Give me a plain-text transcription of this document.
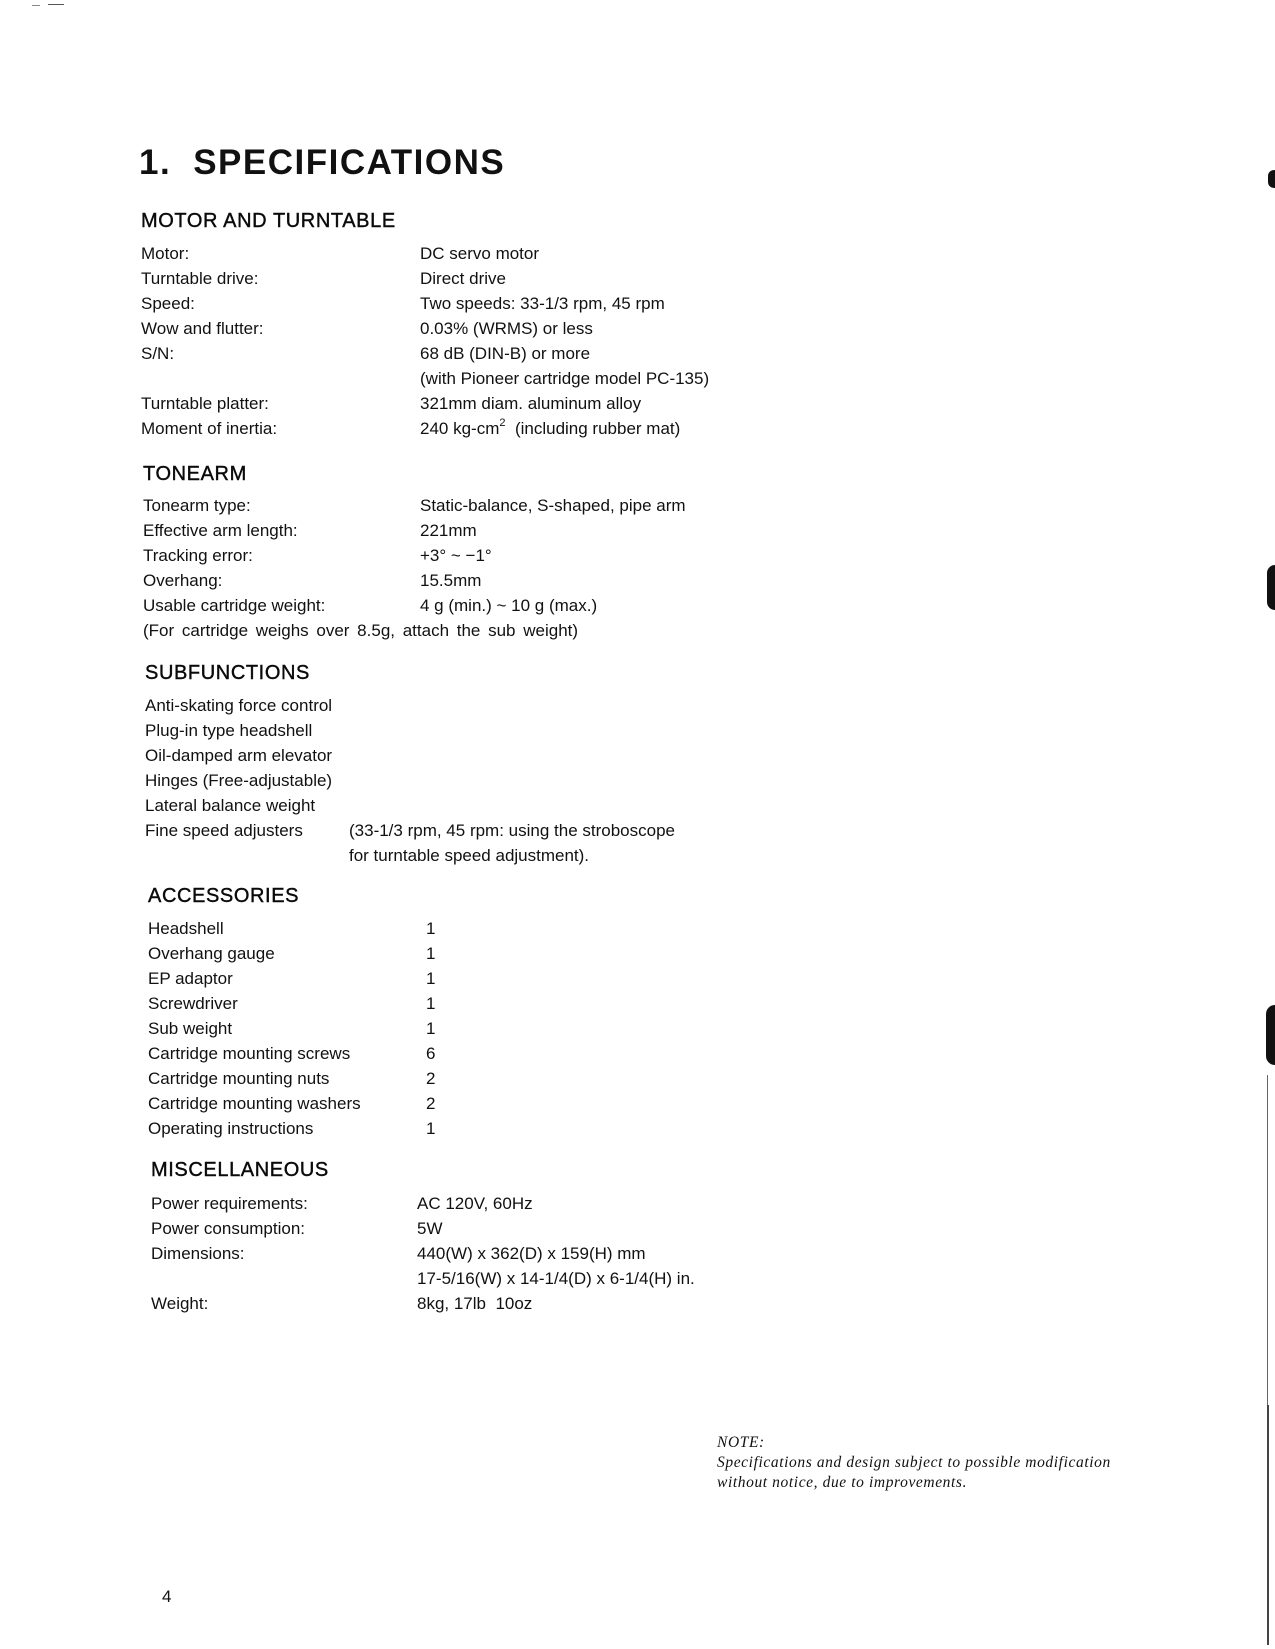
1. SPECIFICATIONS
MOTOR AND TURNTABLE
Motor:	DC servo motor
Turntable drive:	Direct drive
Speed:	Two speeds: 33-1/3 rpm, 45 rpm
Wow and flutter:	0.03% (WRMS) or less
S/N:	68 dB (DIN-B) or more
(with Pioneer cartridge model PC-135)
Turntable platter:	321mm diam. aluminum alloy
Moment of inertia:	240 $kg-cm^2$  (including rubber mat)
TONEARM
Tonearm type:	Static-balance, S-shaped, pipe arm
Effective arm length:	221mm
Tracking error:	+3° ~ −1°
Overhang:	15.5mm
Usable cartridge weight:	4 g (min.) ~ 10 g (max.)
(For cartridge weighs over 8.5g, attach the sub weight)
SUBFUNCTIONS
Anti-skating force control
Plug-in type headshell
Oil-damped arm elevator
Hinges (Free-adjustable)
Lateral balance weight
Fine speed adjusters	(33-1/3 rpm, 45 rpm: using the stroboscope
for turntable speed adjustment).
ACCESSORIES
Headshell	1
Overhang gauge	1
EP adaptor	1
Screwdriver	1
Sub weight	1
Cartridge mounting screws	6
Cartridge mounting nuts	2
Cartridge mounting washers	2
Operating instructions	1
MISCELLANEOUS
Power requirements:	AC 120V, 60Hz
Power consumption:	5W
Dimensions:	440(W) x 362(D) x 159(H) mm
17-5/16(W) x 14-1/4(D) x 6-1/4(H) in.
Weight:	8kg, 17lb  10oz
NOTE:
Specifications and design subject to possible modification
without notice, due to improvements.
4
